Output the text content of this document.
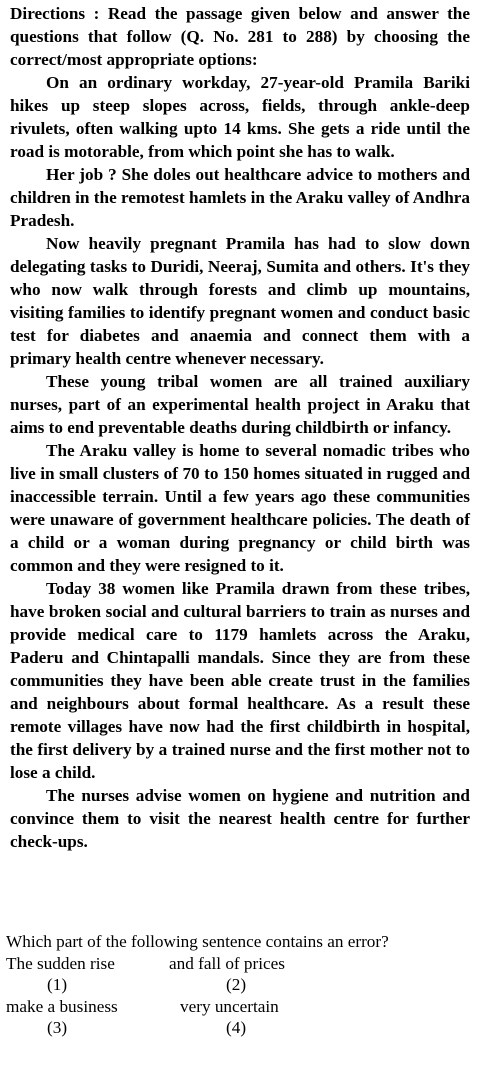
Directions : Read the passage given below and answer the questions that follow (Q. No. 281 to 288) by choosing the correct/most appropriate options:

On an ordinary workday, 27-year-old Pramila Bariki hikes up steep slopes across, fields, through ankle-deep rivulets, often walking upto 14 kms. She gets a ride until the road is motorable, from which point she has to walk.

Her job ? She doles out healthcare advice to mothers and children in the remotest hamlets in the Araku valley of Andhra Pradesh.

Now heavily pregnant Pramila has had to slow down delegating tasks to Duridi, Neeraj, Sumita and others. It's they who now walk through forests and climb up mountains, visiting families to identify pregnant women and conduct basic test for diabetes and anaemia and connect them with a primary health centre whenever necessary.

These young tribal women are all trained auxiliary nurses, part of an experimental health project in Araku that aims to end preventable deaths during childbirth or infancy.

The Araku valley is home to several nomadic tribes who live in small clusters of 70 to 150 homes situated in rugged and inaccessible terrain. Until a few years ago these communities were unaware of government healthcare policies. The death of a child or a woman during pregnancy or child birth was common and they were resigned to it.

Today 38 women like Pramila drawn from these tribes, have broken social and cultural barriers to train as nurses and provide medical care to 1179 hamlets across the Araku, Paderu and Chintapalli mandals. Since they are from these communities they have been able create trust in the families and neighbours about formal healthcare. As a result these remote villages have now had the first childbirth in hospital, the first delivery by a trained nurse and the first mother not to lose a child.

The nurses advise women on hygiene and nutrition and convince them to visit the nearest health centre for further check-ups.

Which part of the following sentence contains an error?

The sudden rise	and fall of prices
(1)	(2)
make a business	very uncertain
(3)	(4)
